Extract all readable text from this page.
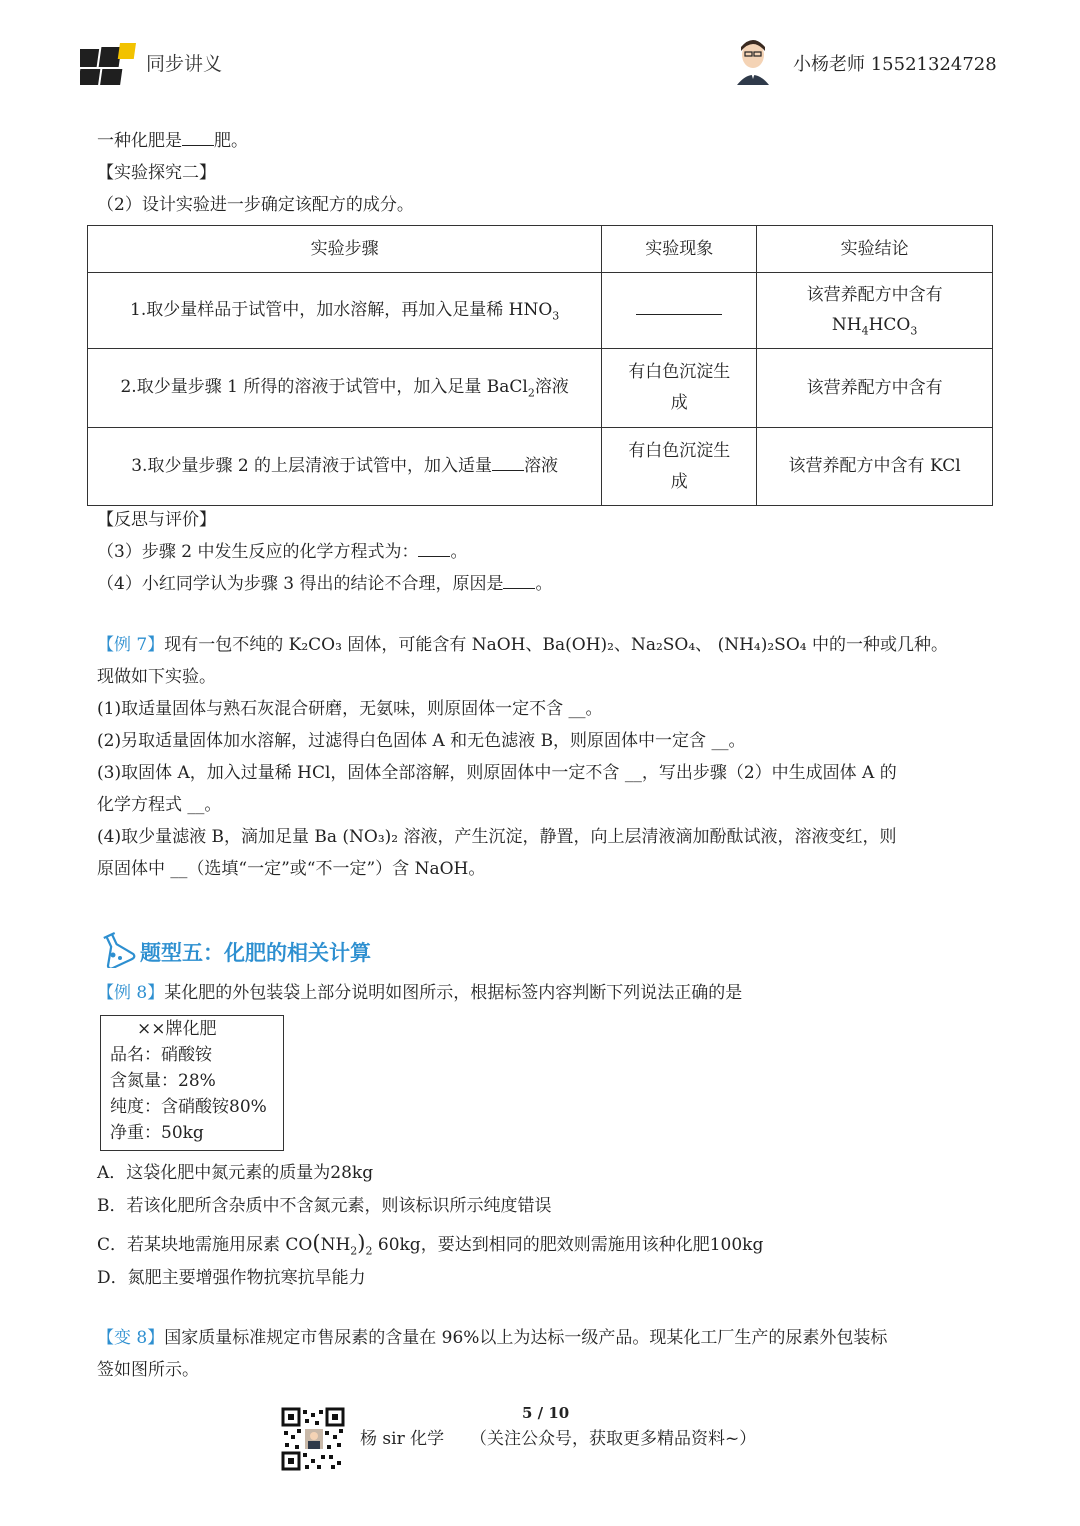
同步讲义	小杨老师 15521324728
一种化肥是 肥。
【实验探究二】
（2）设计实验进一步确定该配方的成分。
实验步骤	实验现象	实验结论
1.取少量样品于试管中，加水溶解，再加入足量稀 $HNO_3$		该营养配方中含有
$NH_4HCO_3$

2.取少量步骤 1 所得的溶液于试管中，加入足量 BaCl$_2$溶液	有白色沉淀生
成	该营养配方中含有
3.取少量步骤 2 的上层清液于试管中，加入适量 溶液	有白色沉淀生
成	该营养配方中含有 KCl
【反思与评价】
（3）步骤 2 中发生反应的化学方程式为： 。
（4）小红同学认为步骤 3 得出的结论不合理，原因是 。
【例 7】现有一包不纯的 K₂CO₃ 固体，可能含有 NaOH、Ba(OH)₂、Na₂SO₄、 (NH₄)₂SO₄ 中的一种或几种。
现做如下实验。
(1)取适量固体与熟石灰混合研磨，无氨味，则原固体一定不含 __。
(2)另取适量固体加水溶解，过滤得白色固体 A 和无色滤液 B，则原固体中一定含 __。
(3)取固体 A，加入过量稀 HCl，固体全部溶解，则原固体中一定不含 __，写出步骤（2）中生成固体 A 的
化学方程式 __。
(4)取少量滤液 B，滴加足量 Ba (NO₃)₂ 溶液，产生沉淀，静置，向上层清液滴加酚酞试液，溶液变红，则
原固体中 __（选填“一定”或“不一定”）含 NaOH。
题型五：化肥的相关计算
【例 8】某化肥的外包装袋上部分说明如图所示，根据标签内容判断下列说法正确的是
××牌化肥
品名：硝酸铵
含氮量：28%
纯度：含硝酸铵80%
净重：50kg
A．这袋化肥中氮元素的质量为28kg
B．若该化肥所含杂质中不含氮元素，则该标识所示纯度错误
C．若某块地需施用尿素 $CO(NH_2)_2$ 60kg，要达到相同的肥效则需施用该种化肥100kg
D．氮肥主要增强作物抗寒抗旱能力
【变 8】国家质量标准规定市售尿素的含量在 96%以上为达标一级产品。现某化工厂生产的尿素外包装标
签如图所示。
5 / 10
杨 sir 化学 （关注公众号，获取更多精品资料~）
